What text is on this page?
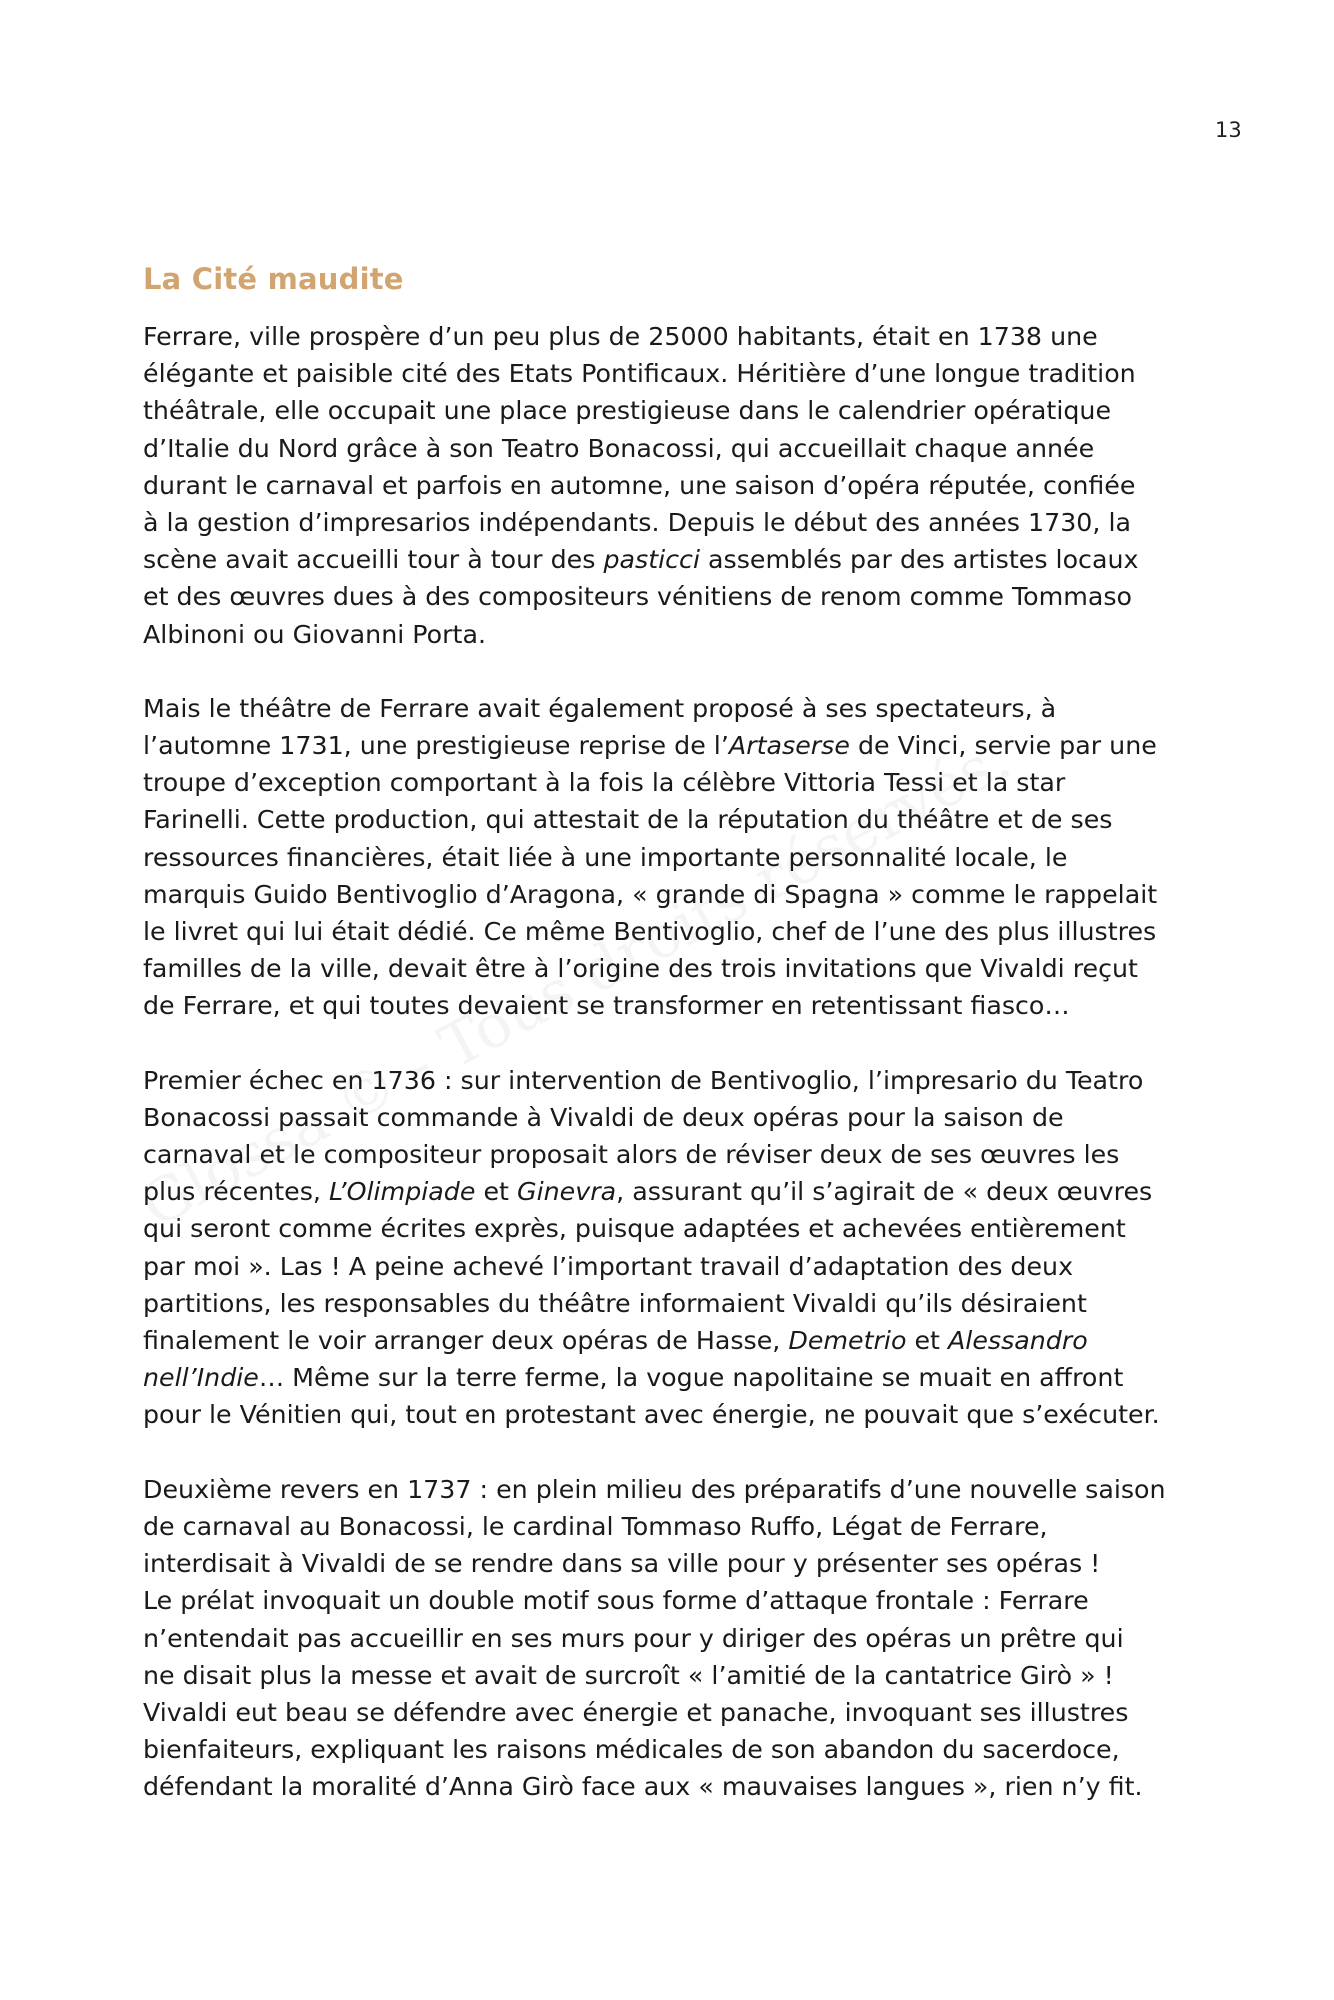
13
La Cité maudite

Ferrare, ville prospère d’un peu plus de 25000 habitants, était en 1738 une
élégante et paisible cité des Etats Pontificaux. Héritière d’une longue tradition
théâtrale, elle occupait une place prestigieuse dans le calendrier opératique
d’Italie du Nord grâce à son Teatro Bonacossi, qui accueillait chaque année
durant le carnaval et parfois en automne, une saison d’opéra réputée, confiée
à la gestion d’impresarios indépendants. Depuis le début des années 1730, la
scène avait accueilli tour à tour des pasticci assemblés par des artistes locaux
et des œuvres dues à des compositeurs vénitiens de renom comme Tommaso
Albinoni ou Giovanni Porta.

Mais le théâtre de Ferrare avait également proposé à ses spectateurs, à
l’automne 1731, une prestigieuse reprise de l’Artaserse de Vinci, servie par une
troupe d’exception comportant à la fois la célèbre Vittoria Tessi et la star
Farinelli. Cette production, qui attestait de la réputation du théâtre et de ses
ressources financières, était liée à une importante personnalité locale, le
marquis Guido Bentivoglio d’Aragona, « grande di Spagna » comme le rappelait
le livret qui lui était dédié. Ce même Bentivoglio, chef de l’une des plus illustres
familles de la ville, devait être à l’origine des trois invitations que Vivaldi reçut
de Ferrare, et qui toutes devaient se transformer en retentissant fiasco…

Premier échec en 1736 : sur intervention de Bentivoglio, l’impresario du Teatro
Bonacossi passait commande à Vivaldi de deux opéras pour la saison de
carnaval et le compositeur proposait alors de réviser deux de ses œuvres les
plus récentes, L’Olimpiade et Ginevra, assurant qu’il s’agirait de « deux œuvres
qui seront comme écrites exprès, puisque adaptées et achevées entièrement
par moi ». Las ! A peine achevé l’important travail d’adaptation des deux
partitions, les responsables du théâtre informaient Vivaldi qu’ils désiraient
finalement le voir arranger deux opéras de Hasse, Demetrio et Alessandro
nell’Indie… Même sur la terre ferme, la vogue napolitaine se muait en affront
pour le Vénitien qui, tout en protestant avec énergie, ne pouvait que s’exécuter.

Deuxième revers en 1737 : en plein milieu des préparatifs d’une nouvelle saison
de carnaval au Bonacossi, le cardinal Tommaso Ruffo, Légat de Ferrare,
interdisait à Vivaldi de se rendre dans sa ville pour y présenter ses opéras !
Le prélat invoquait un double motif sous forme d’attaque frontale : Ferrare
n’entendait pas accueillir en ses murs pour y diriger des opéras un prêtre qui
ne disait plus la messe et avait de surcroît « l’amitié de la cantatrice Girò » !
Vivaldi eut beau se défendre avec énergie et panache, invoquant ses illustres
bienfaiteurs, expliquant les raisons médicales de son abandon du sacerdoce,
défendant la moralité d’Anna Girò face aux « mauvaises langues », rien n’y fit.
